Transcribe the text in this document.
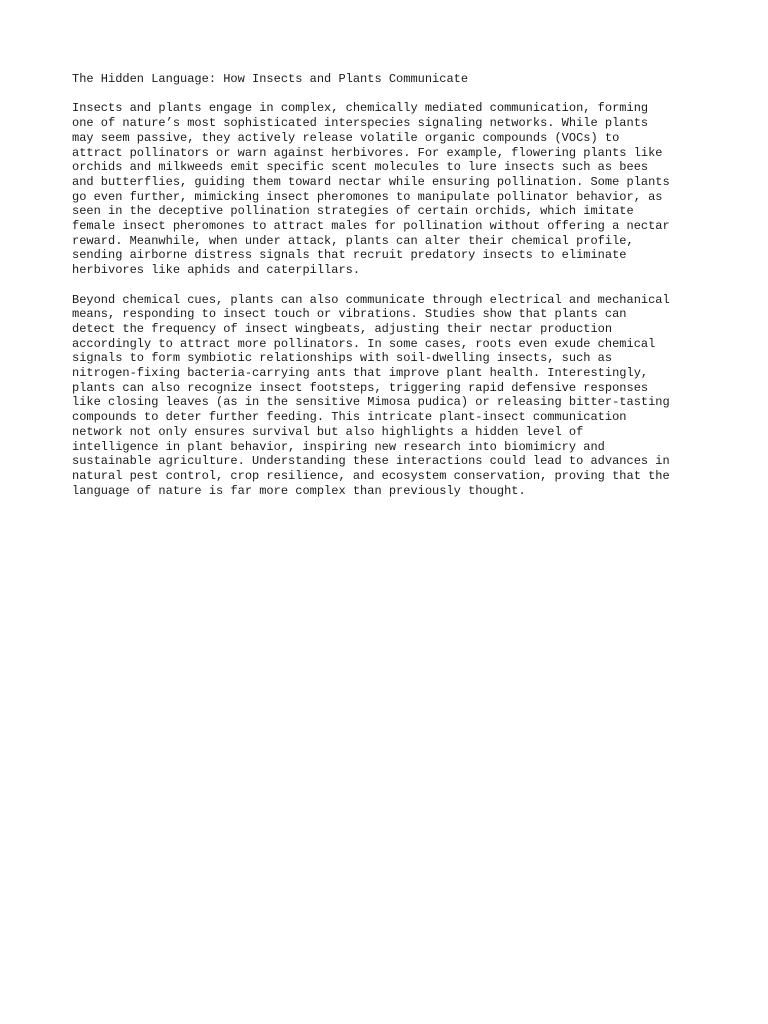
The Hidden Language: How Insects and Plants Communicate
Insects and plants engage in complex, chemically mediated communication, forming
one of nature’s most sophisticated interspecies signaling networks. While plants
may seem passive, they actively release volatile organic compounds (VOCs) to
attract pollinators or warn against herbivores. For example, flowering plants like
orchids and milkweeds emit specific scent molecules to lure insects such as bees
and butterflies, guiding them toward nectar while ensuring pollination. Some plants
go even further, mimicking insect pheromones to manipulate pollinator behavior, as
seen in the deceptive pollination strategies of certain orchids, which imitate
female insect pheromones to attract males for pollination without offering a nectar
reward. Meanwhile, when under attack, plants can alter their chemical profile,
sending airborne distress signals that recruit predatory insects to eliminate
herbivores like aphids and caterpillars.
Beyond chemical cues, plants can also communicate through electrical and mechanical
means, responding to insect touch or vibrations. Studies show that plants can
detect the frequency of insect wingbeats, adjusting their nectar production
accordingly to attract more pollinators. In some cases, roots even exude chemical
signals to form symbiotic relationships with soil-dwelling insects, such as
nitrogen-fixing bacteria-carrying ants that improve plant health. Interestingly,
plants can also recognize insect footsteps, triggering rapid defensive responses
like closing leaves (as in the sensitive Mimosa pudica) or releasing bitter-tasting
compounds to deter further feeding. This intricate plant-insect communication
network not only ensures survival but also highlights a hidden level of
intelligence in plant behavior, inspiring new research into biomimicry and
sustainable agriculture. Understanding these interactions could lead to advances in
natural pest control, crop resilience, and ecosystem conservation, proving that the
language of nature is far more complex than previously thought.
